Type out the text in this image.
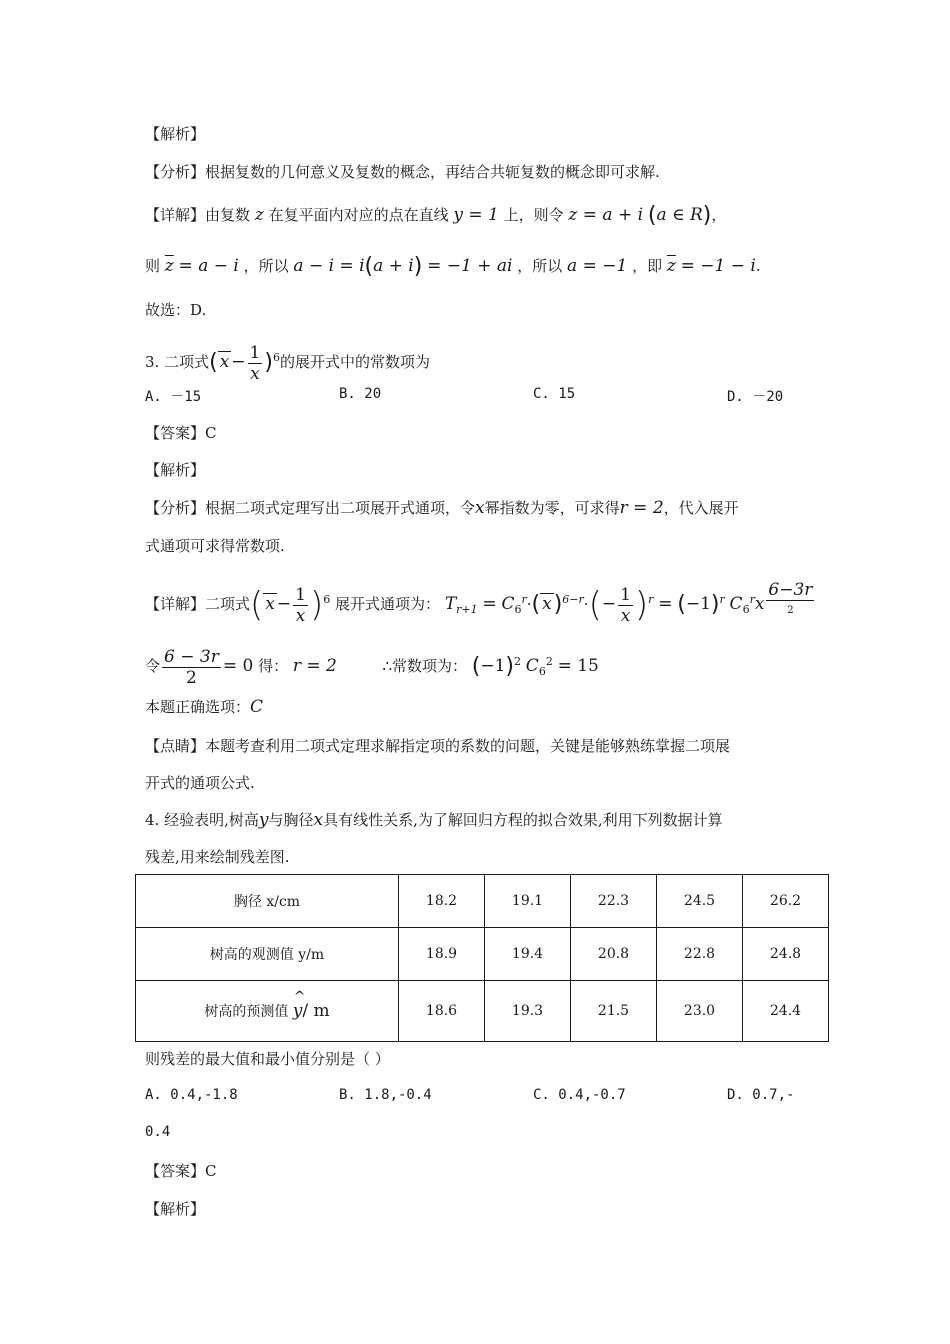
【解析】
【分析】根据复数的几何意义及复数的概念，再结合共轭复数的概念即可求解.
【详解】由复数 z 在复平面内对应的点在直线 y = 1 上，则令 z = a + i (a ∈ R)，
则 $\overline{z} = a - i$ ，所以 a − i = i(a + i) = −1 + ai ，所以 a = −1 ，即 $\overline{z} = -1 - i$.
故选：D.
3. 二项式( $x - \frac{1}{x} )^6$的展开式中的常数项为
A. －15	B. 20	C. 15	D. －20
【答案】C
【解析】
【分析】根据二项式定理写出二项展开式通项，令x幂指数为零，可求得r = 2，代入展开
式通项可求得常数项.
【详解】二项式( $x - \frac{1}{x} )^6$ 展开式通项为： $T_{r+1} = C_6^r\cdot$( $x)^{6-r}\cdot(- \frac{1}{x} )^r = (-1)^r$ $C_6^rx$ $^{\frac{6-3r}{2}}$
令 $\frac{6 - 3r}{2} = 0$ 得： r = 2	∴常数项为： $(-1)^2$ $C_6^2 = 15$
本题正确选项：C
【点睛】本题考查利用二项式定理求解指定项的系数的问题，关键是能够熟练掌握二项展
开式的通项公式.
4. 经验表明,树高y与胸径x具有线性关系,为了解回归方程的拟合效果,利用下列数据计算
残差,用来绘制残差图.
胸径 x/cm	18.2	19.1	22.3	24.5	26.2
树高的观测值 y/m	18.9	19.4	20.8	22.8	24.8
树高的预测值 ^ y/ m	18.6	19.3	21.5	23.0	24.4
则残差的最大值和最小值分别是（ ）
A. 0.4,-1.8	B. 1.8,-0.4	C. 0.4,-0.7	D. 0.7,-
0.4
【答案】C
【解析】
